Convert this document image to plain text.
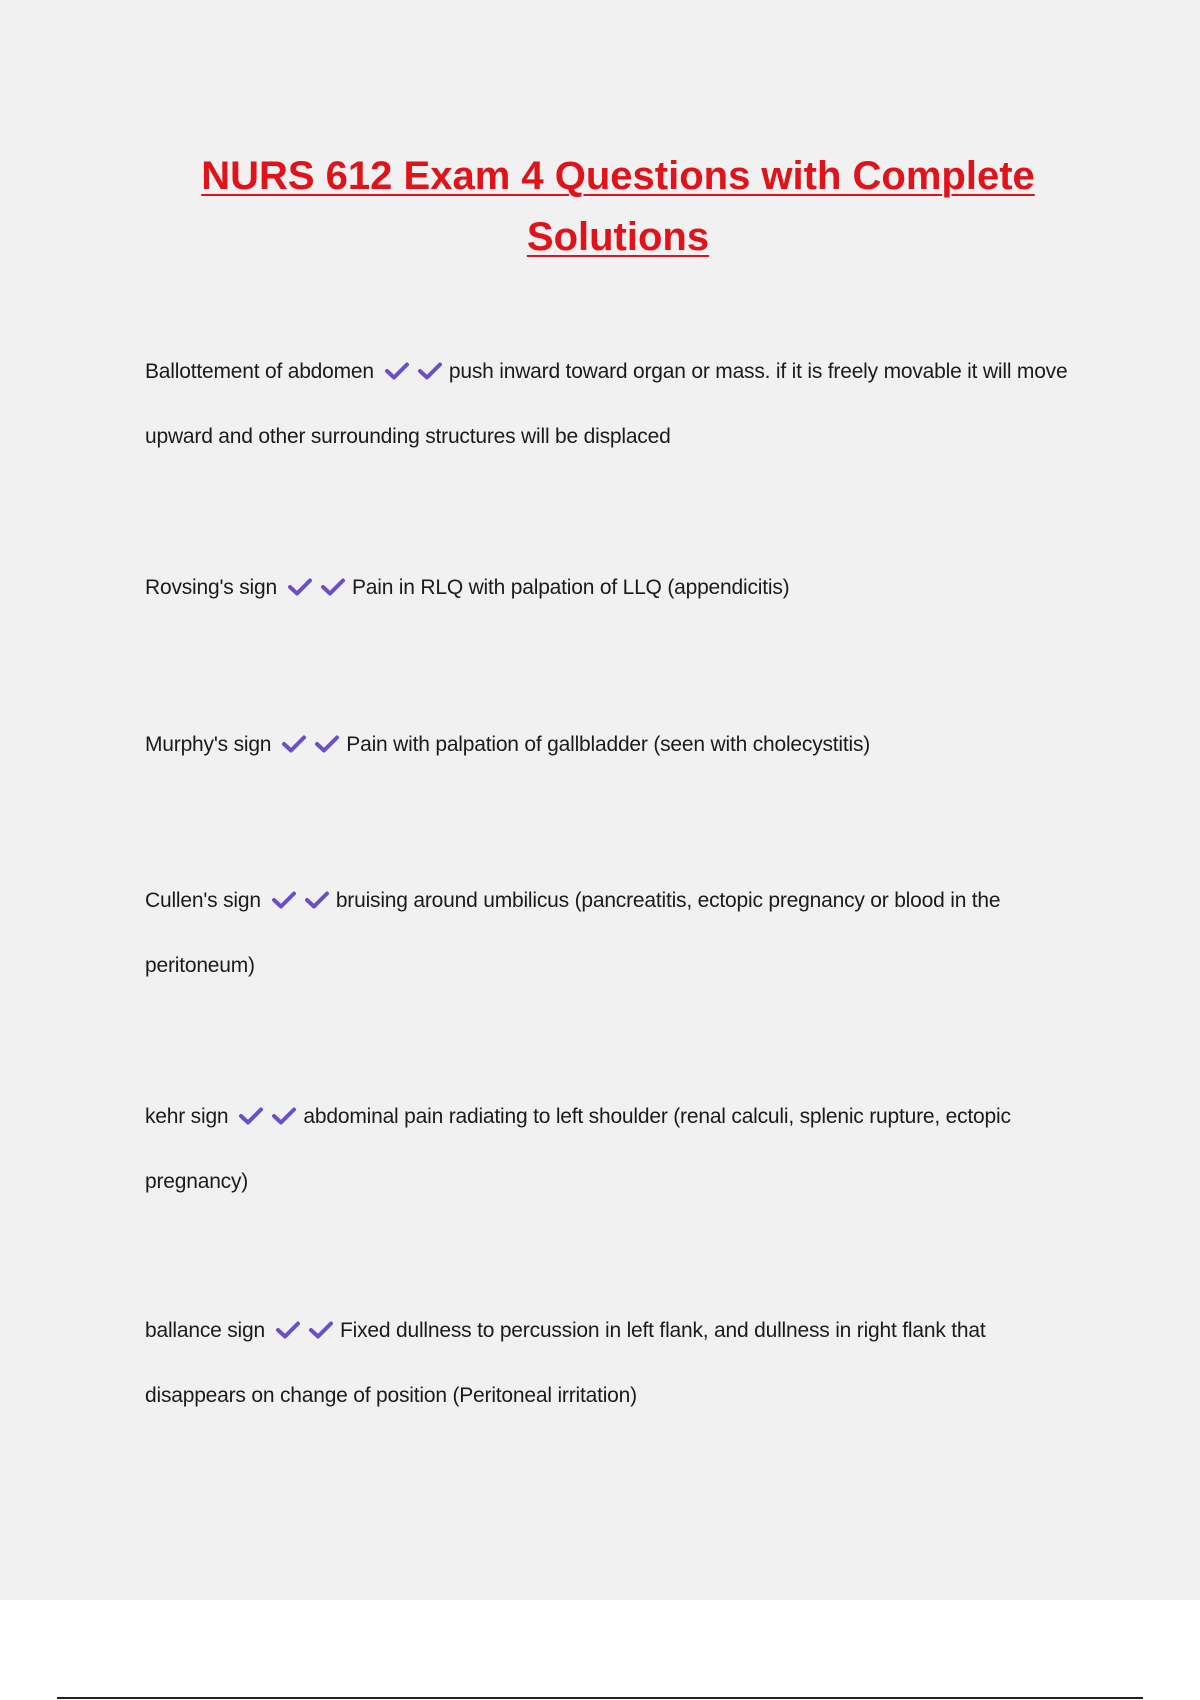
NURS 612 Exam 4 Questions with Complete Solutions

Ballottement of abdomen	push inward toward organ or mass. if it is freely movable it will move upward and other surrounding structures will be displaced

Rovsing's sign	Pain in RLQ with palpation of LLQ (appendicitis)

Murphy's sign	Pain with palpation of gallbladder (seen with cholecystitis)

Cullen's sign	bruising around umbilicus (pancreatitis, ectopic pregnancy or blood in the peritoneum)

kehr sign	abdominal pain radiating to left shoulder (renal calculi, splenic rupture, ectopic pregnancy)

ballance sign	Fixed dullness to percussion in left flank, and dullness in right flank that disappears on change of position (Peritoneal irritation)
